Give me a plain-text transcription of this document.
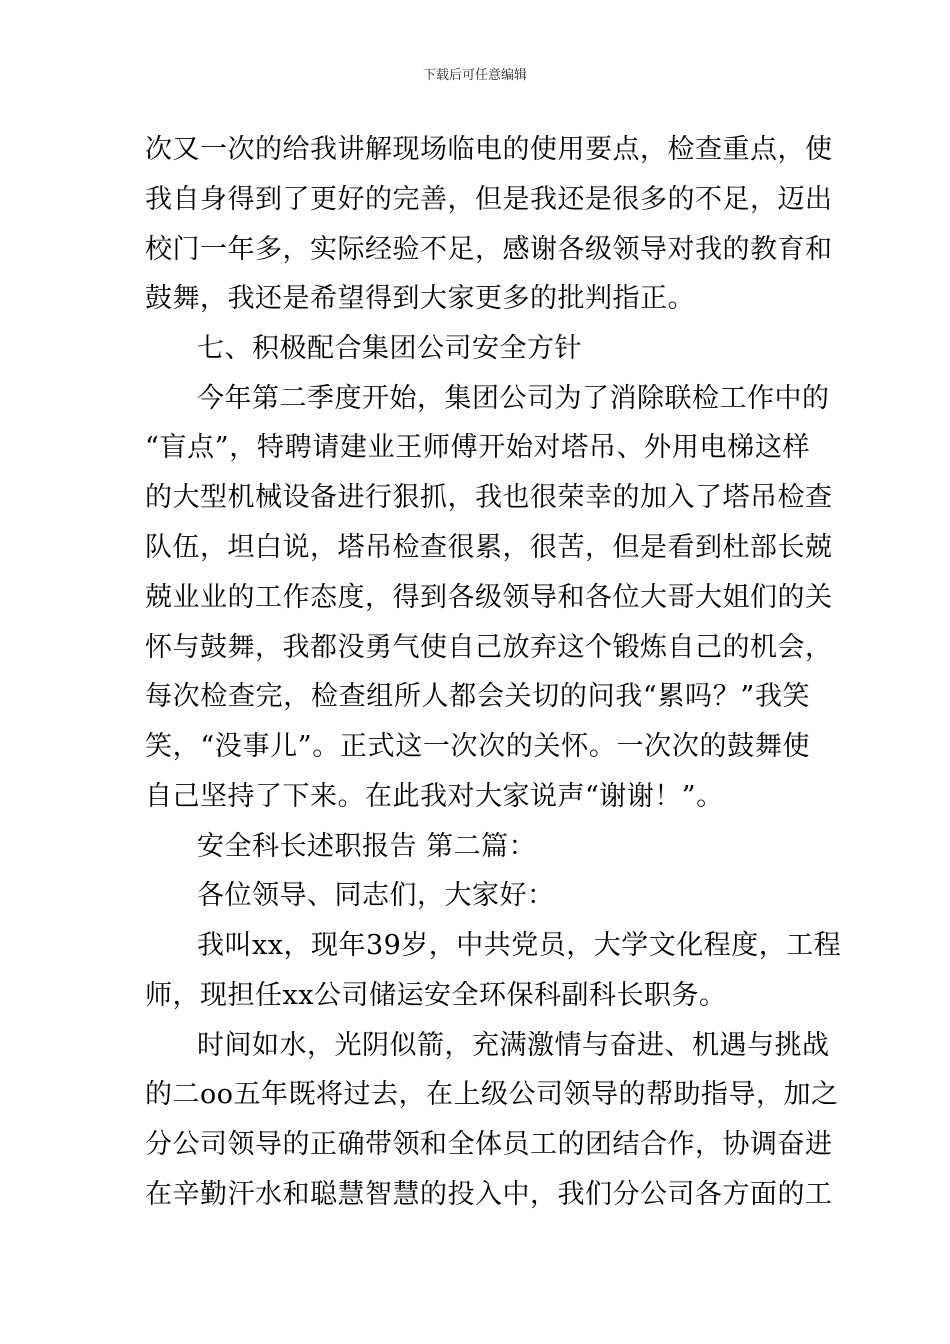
下载后可任意编辑
次又一次的给我讲解现场临电的使用要点，检查重点，使
我自身得到了更好的完善，但是我还是很多的不足，迈出
校门一年多，实际经验不足，感谢各级领导对我的教育和
鼓舞，我还是希望得到大家更多的批判指正。
七、积极配合集团公司安全方针
今年第二季度开始，集团公司为了消除联检工作中的
“盲点”，特聘请建业王师傅开始对塔吊、外用电梯这样
的大型机械设备进行狠抓，我也很荣幸的加入了塔吊检查
队伍，坦白说，塔吊检查很累，很苦，但是看到杜部长兢
兢业业的工作态度，得到各级领导和各位大哥大姐们的关
怀与鼓舞，我都没勇气使自己放弃这个锻炼自己的机会，
每次检查完，检查组所人都会关切的问我“累吗？”我笑
笑，“没事儿”。正式这一次次的关怀。一次次的鼓舞使
自己坚持了下来。在此我对大家说声“谢谢！”。
安全科长述职报告 第二篇：
各位领导、同志们，大家好：
我叫xx，现年39岁，中共党员，大学文化程度，工程
师，现担任xx公司储运安全环保科副科长职务。
时间如水，光阴似箭，充满激情与奋进、机遇与挑战
的二oo五年既将过去，在上级公司领导的帮助指导，加之
分公司领导的正确带领和全体员工的团结合作，协调奋进
在辛勤汗水和聪慧智慧的投入中，我们分公司各方面的工
